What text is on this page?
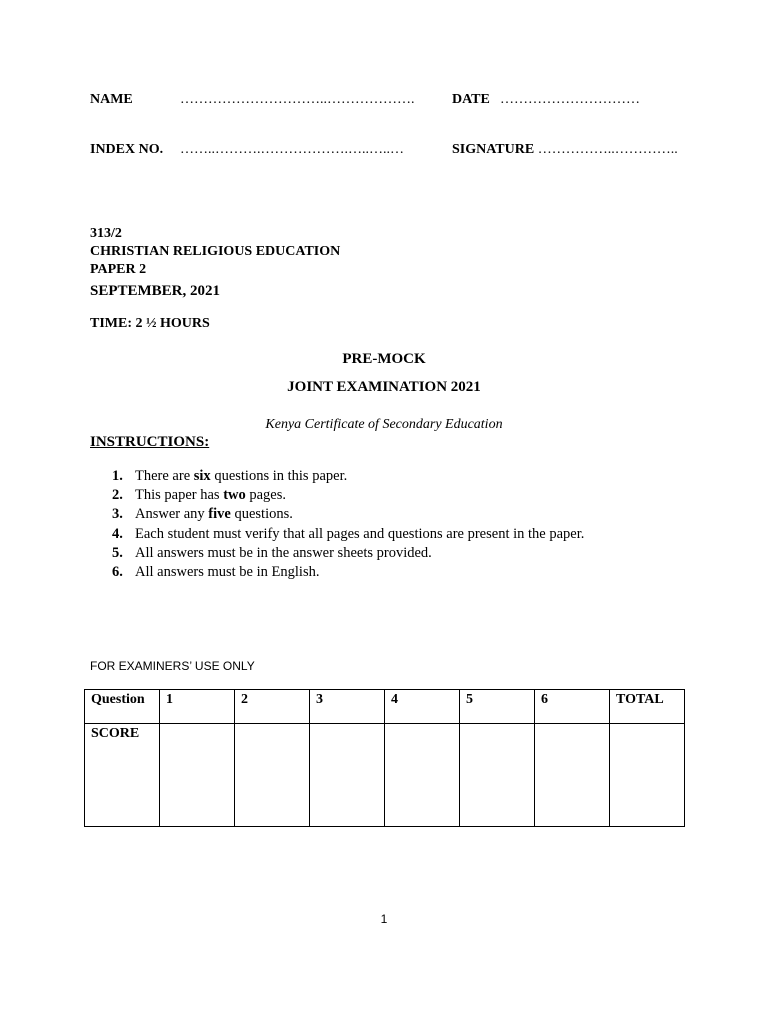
NAME	…………………………..……………….	DATE …………………………
INDEX NO. ……..……….……………….…..…..…	SIGNATURE ……………..…………..
313/2
CHRISTIAN RELIGIOUS EDUCATION
PAPER 2
SEPTEMBER, 2021
TIME: 2 ½ HOURS
PRE-MOCK
JOINT EXAMINATION 2021
Kenya Certificate of Secondary Education
INSTRUCTIONS:
1. There are six questions in this paper.
2. This paper has two pages.
3. Answer any five questions.
4. Each student must verify that all pages and questions are present in the paper.
5. All answers must be in the answer sheets provided.
6. All answers must be in English.
FOR EXAMINERS’ USE ONLY
Question	1	2	3	4	5	6	TOTAL
SCORE							
1
